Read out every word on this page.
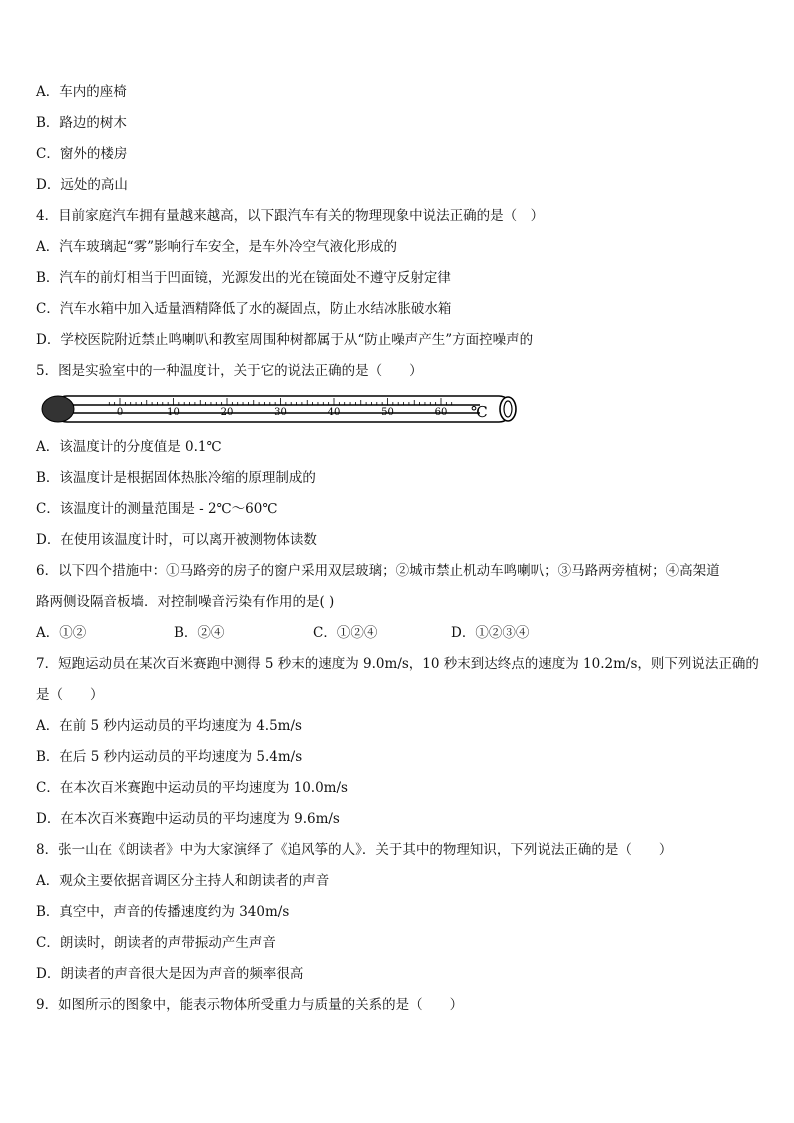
A．车内的座椅
B．路边的树木
C．窗外的楼房
D．远处的高山
4．目前家庭汽车拥有量越来越高，以下跟汽车有关的物理现象中说法正确的是（　）
A．汽车玻璃起“雾”影响行车安全，是车外冷空气液化形成的
B．汽车的前灯相当于凹面镜，光源发出的光在镜面处不遵守反射定律
C．汽车水箱中加入适量酒精降低了水的凝固点，防止水结冰胀破水箱
D．学校医院附近禁止鸣喇叭和教室周围种树都属于从“防止噪声产生”方面控噪声的
5．图是实验室中的一种温度计，关于它的说法正确的是（　　）
0	10	20	30	40	50	60 ℃
A．该温度计的分度值是 0.1℃
B．该温度计是根据固体热胀冷缩的原理制成的
C．该温度计的测量范围是 - 2℃～60℃
D．在使用该温度计时，可以离开被测物体读数
6．以下四个措施中：①马路旁的房子的窗户采用双层玻璃；②城市禁止机动车鸣喇叭；③马路两旁植树；④高架道
路两侧设隔音板墙．对控制噪音污染有作用的是( )
A．①②	B．②④	C．①②④	D．①②③④
7．短跑运动员在某次百米赛跑中测得 5 秒末的速度为 9.0m/s，10 秒末到达终点的速度为 10.2m/s，则下列说法正确的
是（　　）
A．在前 5 秒内运动员的平均速度为 4.5m/s
B．在后 5 秒内运动员的平均速度为 5.4m/s
C．在本次百米赛跑中运动员的平均速度为 10.0m/s
D．在本次百米赛跑中运动员的平均速度为 9.6m/s
8．张一山在《朗读者》中为大家演绎了《追风筝的人》．关于其中的物理知识，下列说法正确的是（　　）
A．观众主要依据音调区分主持人和朗读者的声音
B．真空中，声音的传播速度约为 340m/s
C．朗读时，朗读者的声带振动产生声音
D．朗读者的声音很大是因为声音的频率很高
9．如图所示的图象中，能表示物体所受重力与质量的关系的是（　　）
